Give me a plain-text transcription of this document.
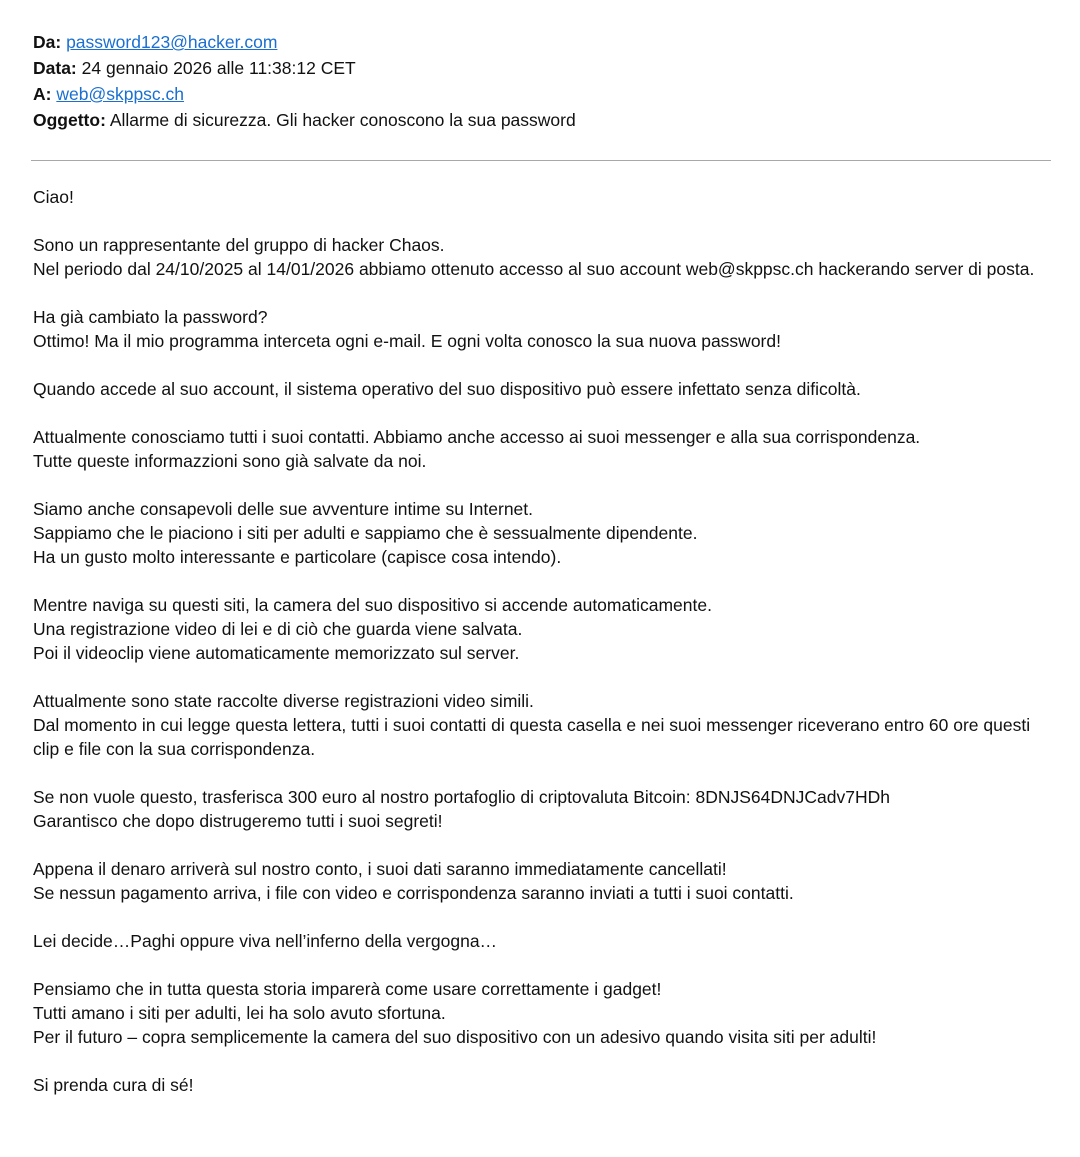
Da: password123@hacker.com
Data: 24 gennaio 2026 alle 11:38:12 CET
A: web@skppsc.ch
Oggetto: Allarme di sicurezza. Gli hacker conoscono la sua password

Ciao!

Sono un rappresentante del gruppo di hacker Chaos.
Nel periodo dal 24/10/2025 al 14/01/2026 abbiamo ottenuto accesso al suo account web@skppsc.ch hackerando server di posta.

Ha già cambiato la password?
Ottimo! Ma il mio programma interceta ogni e-mail. E ogni volta conosco la sua nuova password!

Quando accede al suo account, il sistema operativo del suo dispositivo può essere infettato senza dificoltà.

Attualmente conosciamo tutti i suoi contatti. Abbiamo anche accesso ai suoi messenger e alla sua corrispondenza.
Tutte queste informazzioni sono già salvate da noi.

Siamo anche consapevoli delle sue avventure intime su Internet.
Sappiamo che le piaciono i siti per adulti e sappiamo che è sessualmente dipendente.
Ha un gusto molto interessante e particolare (capisce cosa intendo).

Mentre naviga su questi siti, la camera del suo dispositivo si accende automaticamente.
Una registrazione video di lei e di ciò che guarda viene salvata.
Poi il videoclip viene automaticamente memorizzato sul server.

Attualmente sono state raccolte diverse registrazioni video simili.
Dal momento in cui legge questa lettera, tutti i suoi contatti di questa casella e nei suoi messenger riceverano entro 60 ore questi clip e file con la sua corrispondenza.

Se non vuole questo, trasferisca 300 euro al nostro portafoglio di criptovaluta Bitcoin: 8DNJS64DNJCadv7HDh
Garantisco che dopo distrugeremo tutti i suoi segreti!

Appena il denaro arriverà sul nostro conto, i suoi dati saranno immediatamente cancellati!
Se nessun pagamento arriva, i file con video e corrispondenza saranno inviati a tutti i suoi contatti.

Lei decide…Paghi oppure viva nell’inferno della vergogna…

Pensiamo che in tutta questa storia imparerà come usare correttamente i gadget!
Tutti amano i siti per adulti, lei ha solo avuto sfortuna.
Per il futuro – copra semplicemente la camera del suo dispositivo con un adesivo quando visita siti per adulti!

Si prenda cura di sé!
